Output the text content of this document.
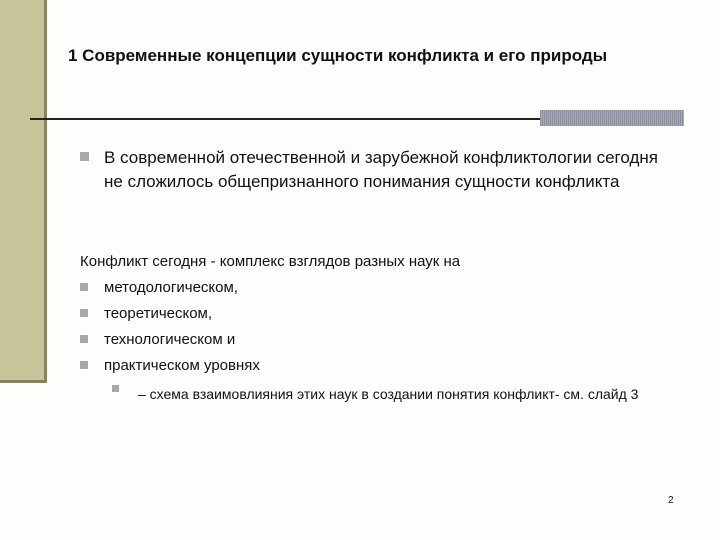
1 Современные концепции сущности конфликта и его природы
В современной отечественной и зарубежной конфликтологии сегодня не сложилось общепризнанного понимания сущности конфликта
Конфликт сегодня - комплекс взглядов разных наук на
методологическом,
теоретическом,
технологическом и
практическом уровнях
– схема взаимовлияния этих наук в создании понятия конфликт- см. слайд 3
2
